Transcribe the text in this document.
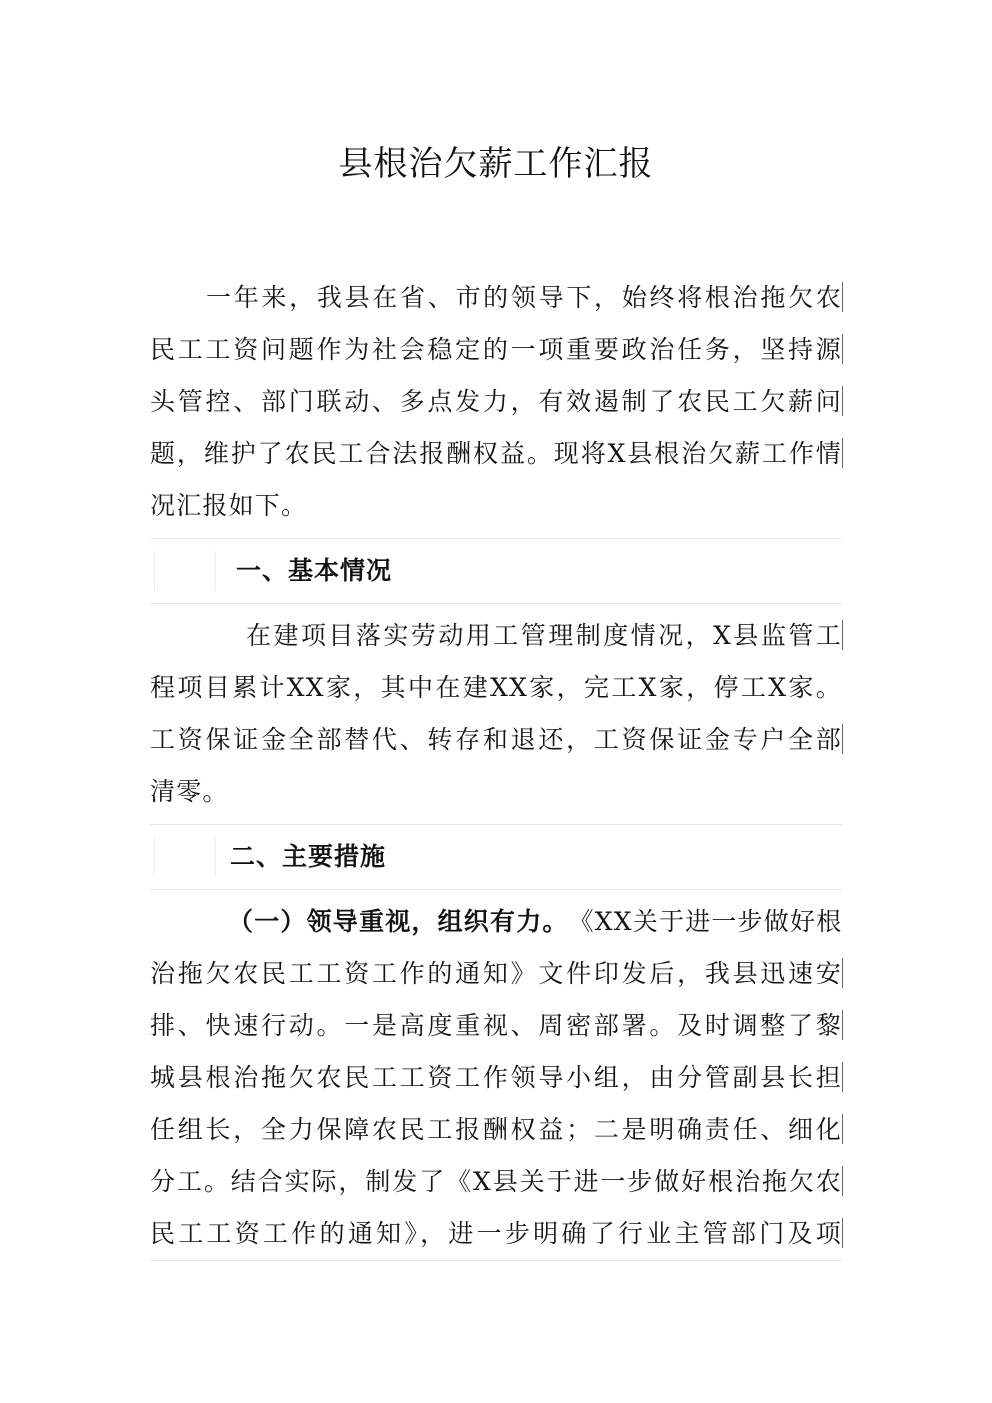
县根治欠薪工作汇报
一年来，我县在省、市的领导下，始终将根治拖欠农
民工工资问题作为社会稳定的一项重要政治任务，坚持源
头管控、部门联动、多点发力，有效遏制了农民工欠薪问
题，维护了农民工合法报酬权益。现将X县根治欠薪工作情
况汇报如下。
一、基本情况
在建项目落实劳动用工管理制度情况，X县监管工
程项目累计XX家，其中在建XX家，完工X家，停工X家。
工资保证金全部替代、转存和退还，工资保证金专户全部
清零。
二、主要措施
（一）领导重视，组织有力。 《XX关于进一步做好根
治拖欠农民工工资工作的通知》文件印发后，我县迅速安
排、快速行动。一是高度重视、周密部署。及时调整了黎
城县根治拖欠农民工工资工作领导小组，由分管副县长担
任组长，全力保障农民工报酬权益；二是明确责任、细化
分工。结合实际，制发了《X县关于进一步做好根治拖欠农
民工工资工作的通知》，进一步明确了行业主管部门及项
